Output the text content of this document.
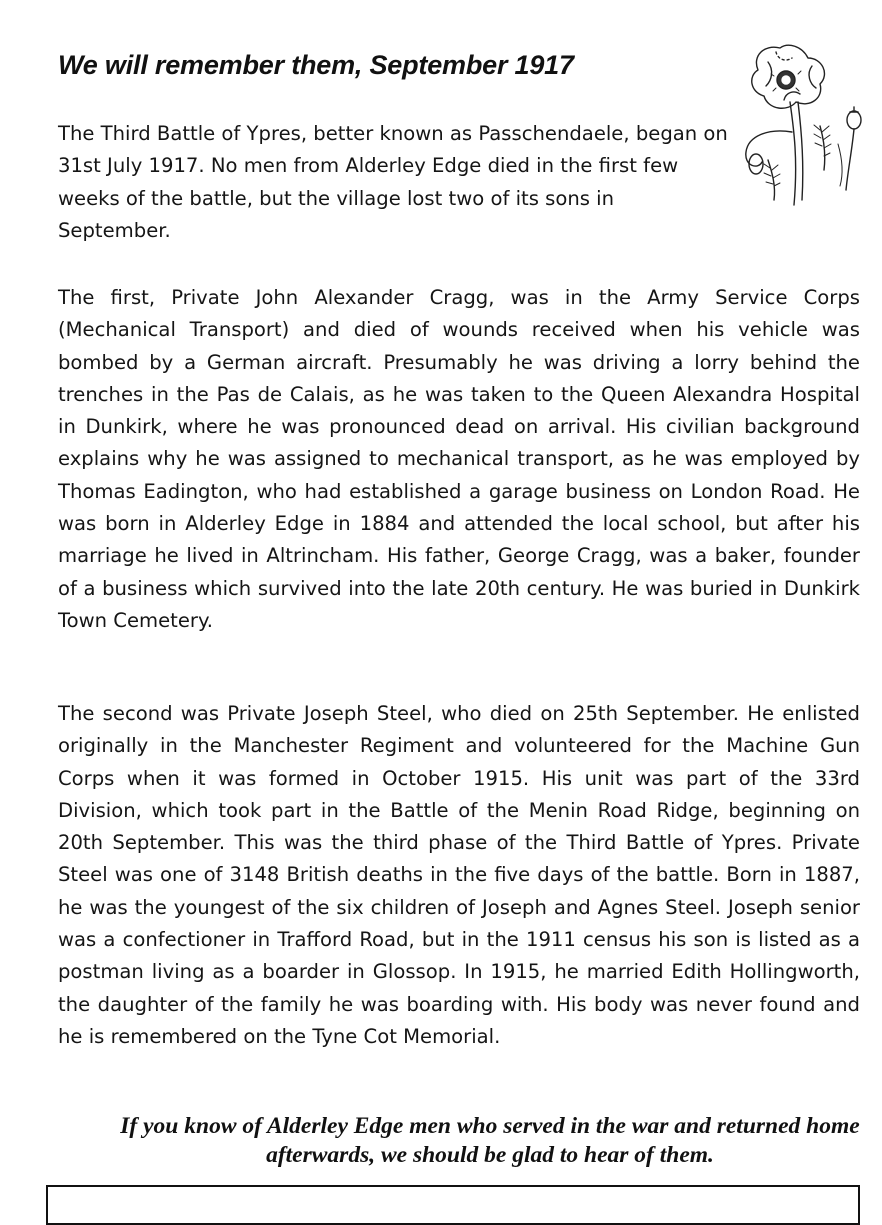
We will remember them, September 1917

The Third Battle of Ypres, better known as Passchendaele, began on 31st July 1917. No men from Alderley Edge died in the first few weeks of the battle, but the village lost two of its sons in September.

The first, Private John Alexander Cragg, was in the Army Service Corps (Mechanical Transport) and died of wounds received when his vehicle was bombed by a German aircraft. Presumably he was driving a lorry behind the trenches in the Pas de Calais, as he was taken to the Queen Alexandra Hospital in Dunkirk, where he was pronounced dead on arrival. His civilian background explains why he was assigned to mechanical transport, as he was employed by Thomas Eadington, who had established a garage business on London Road. He was born in Alderley Edge in 1884 and attended the local school, but after his marriage he lived in Altrincham. His father, George Cragg, was a baker, founder of a business which survived into the late 20th century. He was buried in Dunkirk Town Cemetery.

The second was Private Joseph Steel, who died on 25th September. He enlisted originally in the Manchester Regiment and volunteered for the Machine Gun Corps when it was formed in October 1915. His unit was part of the 33rd Division, which took part in the Battle of the Menin Road Ridge, beginning on 20th September. This was the third phase of the Third Battle of Ypres. Private Steel was one of 3148 British deaths in the five days of the battle. Born in 1887, he was the youngest of the six children of Joseph and Agnes Steel. Joseph senior was a confectioner in Trafford Road, but in the 1911 census his son is listed as a postman living as a boarder in Glossop. In 1915, he married Edith Hollingworth, the daughter of the family he was boarding with. His body was never found and he is remembered on the Tyne Cot Memorial.

If you know of Alderley Edge men who served in the war and returned home afterwards, we should be glad to hear of them.
